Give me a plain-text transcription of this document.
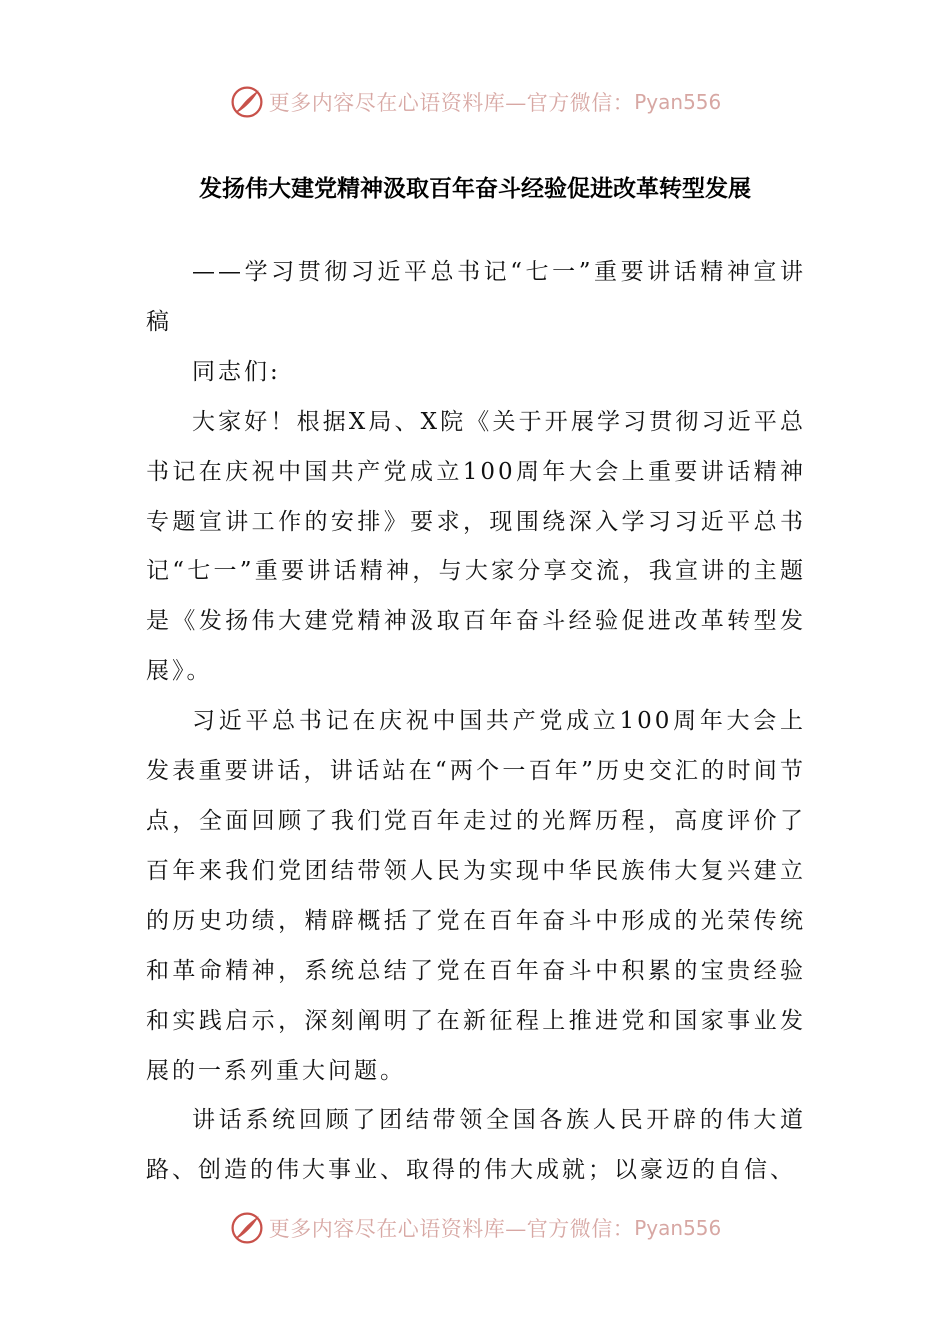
更多内容尽在心语资料库—官方微信： Pyan556
发扬伟大建党精神汲取百年奋斗经验促进改革转型发展

——学习贯彻习近平总书记“七一”重要讲话精神宣讲稿

同志们:

大家好！根据X局、X院《关于开展学习贯彻习近平总书记在庆祝中国共产党成立100周年大会上重要讲话精神专题宣讲工作的安排》要求，现围绕深入学习习近平总书记“七一”重要讲话精神，与大家分享交流，我宣讲的主题是《发扬伟大建党精神汲取百年奋斗经验促进改革转型发展》。

习近平总书记在庆祝中国共产党成立100周年大会上发表重要讲话，讲话站在“两个一百年”历史交汇的时间节点，全面回顾了我们党百年走过的光辉历程，高度评价了百年来我们党团结带领人民为实现中华民族伟大复兴建立的历史功绩，精辟概括了党在百年奋斗中形成的光荣传统和革命精神，系统总结了党在百年奋斗中积累的宝贵经验和实践启示，深刻阐明了在新征程上推进党和国家事业发展的一系列重大问题。

讲话系统回顾了团结带领全国各族人民开辟的伟大道路、创造的伟大事业、取得的伟大成就；以豪迈的自信、

更多内容尽在心语资料库—官方微信： Pyan556
